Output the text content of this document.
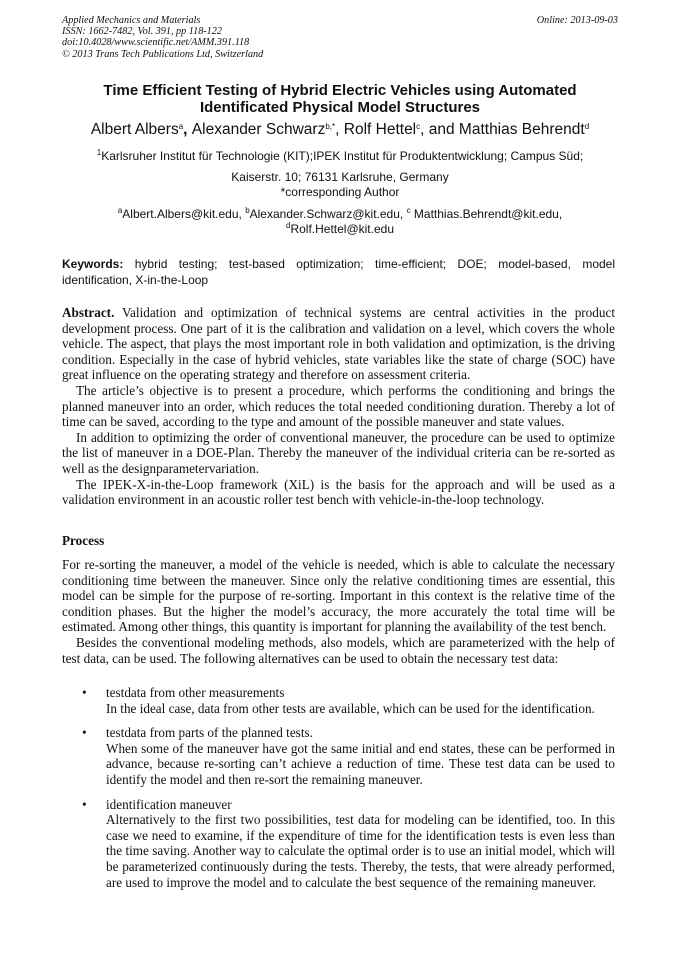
Applied Mechanics and Materials
ISSN: 1662-7482, Vol. 391, pp 118-122
doi:10.4028/www.scientific.net/AMM.391.118
© 2013 Trans Tech Publications Ltd, Switzerland
Online: 2013-09-03
Time Efficient Testing of Hybrid Electric Vehicles using Automated
Identificated Physical Model Structures
Albert Albers$^a$, Alexander Schwarz$^{b,*}$, Rolf Hettel$^c$, and Matthias Behrendt$^d$
$^1$Karlsruher Institut für Technologie (KIT);IPEK Institut für Produktentwicklung; Campus Süd;
Kaiserstr. 10; 76131 Karlsruhe, Germany
*corresponding Author
$^a$Albert.Albers@kit.edu, $^b$Alexander.Schwarz@kit.edu, $^c$ Matthias.Behrendt@kit.edu,
$^d$Rolf.Hettel@kit.edu
Keywords: hybrid testing; test-based optimization; time-efficient; DOE; model-based, model identification, X-in-the-Loop

Abstract. Validation and optimization of technical systems are central activities in the product development process. One part of it is the calibration and validation on a level, which covers the whole vehicle. The aspect, that plays the most important role in both validation and optimization, is the driving condition. Especially in the case of hybrid vehicles, state variables like the state of charge (SOC) have great influence on the operating strategy and therefore on assessment criteria.

The article’s objective is to present a procedure, which performs the conditioning and brings the planned maneuver into an order, which reduces the total needed conditioning duration. Thereby a lot of time can be saved, according to the type and amount of the possible maneuver and state values.

In addition to optimizing the order of conventional maneuver, the procedure can be used to optimize the list of maneuver in a DOE-Plan. Thereby the maneuver of the individual criteria can be re-sorted as well as the designparametervariation.

The IPEK-X-in-the-Loop framework (XiL) is the basis for the approach and will be used as a validation environment in an acoustic roller test bench with vehicle-in-the-loop technology.

Process

For re-sorting the maneuver, a model of the vehicle is needed, which is able to calculate the necessary conditioning time between the maneuver. Since only the relative conditioning times are essential, this model can be simple for the purpose of re-sorting. Important in this context is the relative time of the condition phases. But the higher the model’s accuracy, the more accurately the total time will be estimated. Among other things, this quantity is important for planning the availability of the test bench.

Besides the conventional modeling methods, also models, which are parameterized with the help of test data, can be used. The following alternatives can be used to obtain the necessary test data:

• testdata from other measurements
In the ideal case, data from other tests are available, which can be used for the identification.
• testdata from parts of the planned tests.
When some of the maneuver have got the same initial and end states, these can be performed in advance, because re-sorting can’t achieve a reduction of time. These test data can be used to identify the model and then re-sort the remaining maneuver.
• identification maneuver
Alternatively to the first two possibilities, test data for modeling can be identified, too. In this case we need to examine, if the expenditure of time for the identification tests is even less than the time saving. Another way to calculate the optimal order is to use an initial model, which will be parameterized continuously during the tests. Thereby, the tests, that were already performed, are used to improve the model and to calculate the best sequence of the remaining maneuver.
